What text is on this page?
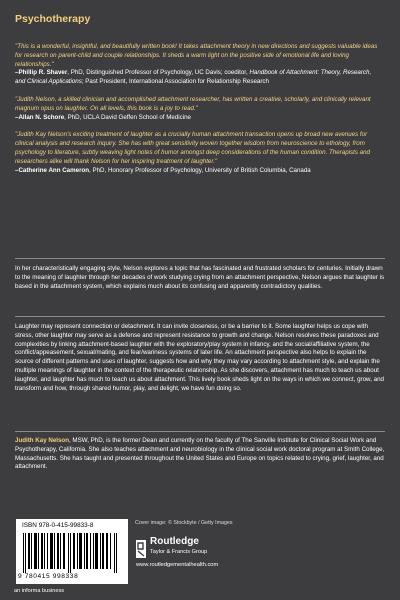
Psychotherapy
"This is a wonderful, insightful, and beautifully written book! It takes attachment theory in new directions and suggests valuable ideas for research on parent-child and couple relationships. It sheds a warm light on the positive side of emotional life and loving relationships."
–Phillip R. Shaver, PhD, Distinguished Professor of Psychology, UC Davis; coeditor, Handbook of Attachment: Theory, Research, and Clinical Applications; Past President, International Association for Relationship Research
"Judith Nelson, a skilled clinician and accomplished attachment researcher, has written a creative, scholarly, and clinically relevant magnum opus on laughter. On all levels, this book is a joy to read."
–Allan N. Schore, PhD, UCLA David Geffen School of Medicine
"Judith Kay Nelson's exciting treatment of laughter as a crucially human attachment transaction opens up broad new avenues for clinical analysis and research inquiry. She has with great sensitivity woven together wisdom from neuroscience to ethology, from psychology to literature, subtly weaving light notes of humor amongst deep considerations of the human condition. Therapists and researchers alike will thank Nelson for her inspiring treatment of laughter."
–Catherine Ann Cameron, PhD, Honorary Professor of Psychology, University of British Columbia, Canada

In her characteristically engaging style, Nelson explores a topic that has fascinated and frustrated scholars for centuries. Initially drawn to the meaning of laughter through her decades of work studying crying from an attachment perspective, Nelson argues that laughter is based in the attachment system, which explains much about its confusing and apparently contradictory qualities.

Laughter may represent connection or detachment. It can invite closeness, or be a barrier to it. Some laughter helps us cope with stress, other laughter may serve as a defense and represent resistance to growth and change. Nelson resolves these paradoxes and complexities by linking attachment-based laughter with the exploratory/play system in infancy, and the social/affiliative system, the conflict/appeasement, sexual/mating, and fear/wariness systems of later life. An attachment perspective also helps to explain the source of different patterns and uses of laughter, suggests how and why they may vary according to attachment style, and explain the multiple meanings of laughter in the context of the therapeutic relationship. As she discovers, attachment has much to teach us about laughter, and laughter has much to teach us about attachment. This lively book sheds light on the ways in which we connect, grow, and transform and how, through shared humor, play, and delight, we have fun doing so.

Judith Kay Nelson, MSW, PhD, is the former Dean and currently on the faculty of The Sanville Institute for Clinical Social Work and Psychotherapy, California. She also teaches attachment and neurobiology in the clinical social work doctoral program at Smith College, Massachusetts. She has taught and presented throughout the United States and Europe on topics related to crying, grief, laughter, and attachment.
ISBN 978-0-415-99833-8
9 780415 998338
Cover image: © Stockbyte / Getty Images
Routledge
Taylor & Francis Group
www.routledgementalhealth.com
an informa business
